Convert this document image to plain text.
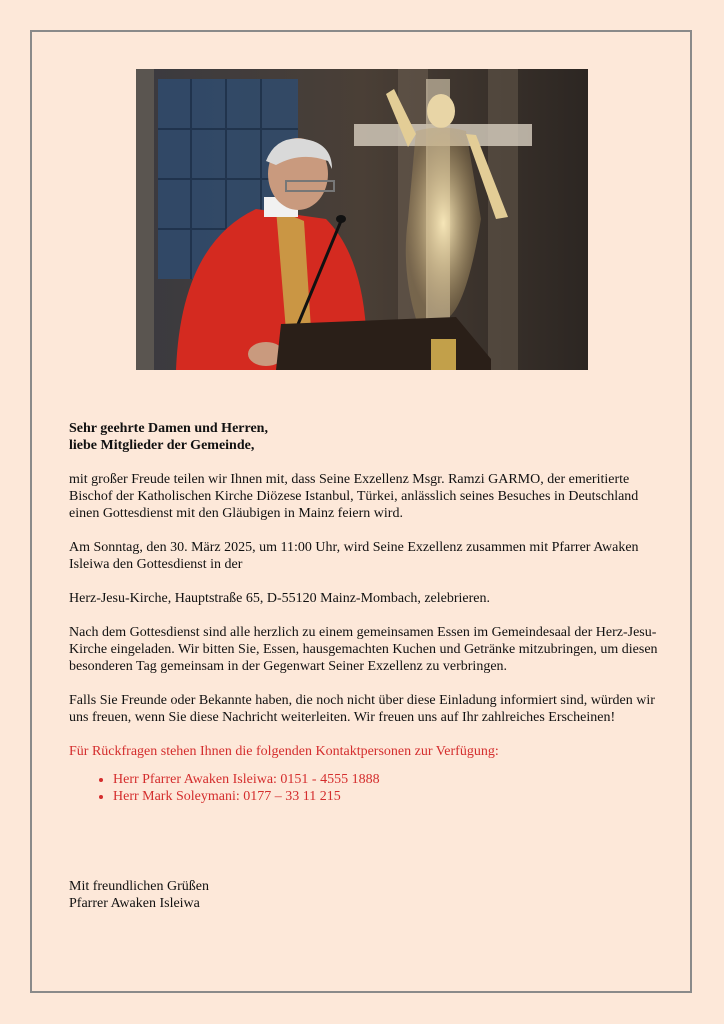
Sehr geehrte Damen und Herren,

liebe Mitglieder der Gemeinde,

mit großer Freude teilen wir Ihnen mit, dass Seine Exzellenz Msgr. Ramzi GARMO, der emeritierte Bischof der Katholischen Kirche Diözese Istanbul, Türkei, anlässlich seines Besuches in Deutschland einen Gottesdienst mit den Gläubigen in Mainz feiern wird.

Am Sonntag, den 30. März 2025, um 11:00 Uhr, wird Seine Exzellenz zusammen mit Pfarrer Awaken Isleiwa den Gottesdienst in der

Herz-Jesu-Kirche, Hauptstraße 65, D-55120 Mainz-Mombach, zelebrieren.

Nach dem Gottesdienst sind alle herzlich zu einem gemeinsamen Essen im Gemeindesaal der Herz-Jesu-Kirche eingeladen. Wir bitten Sie, Essen, hausgemachten Kuchen und Getränke mitzubringen, um diesen besonderen Tag gemeinsam in der Gegenwart Seiner Exzellenz zu verbringen.

Falls Sie Freunde oder Bekannte haben, die noch nicht über diese Einladung informiert sind, würden wir uns freuen, wenn Sie diese Nachricht weiterleiten. Wir freuen uns auf Ihr zahlreiches Erscheinen!

Für Rückfragen stehen Ihnen die folgenden Kontaktpersonen zur Verfügung:

• Herr Pfarrer Awaken Isleiwa: 0151 - 4555 1888
• Herr Mark Soleymani: 0177 – 33 11 215

Mit freundlichen Grüßen

Pfarrer Awaken Isleiwa
